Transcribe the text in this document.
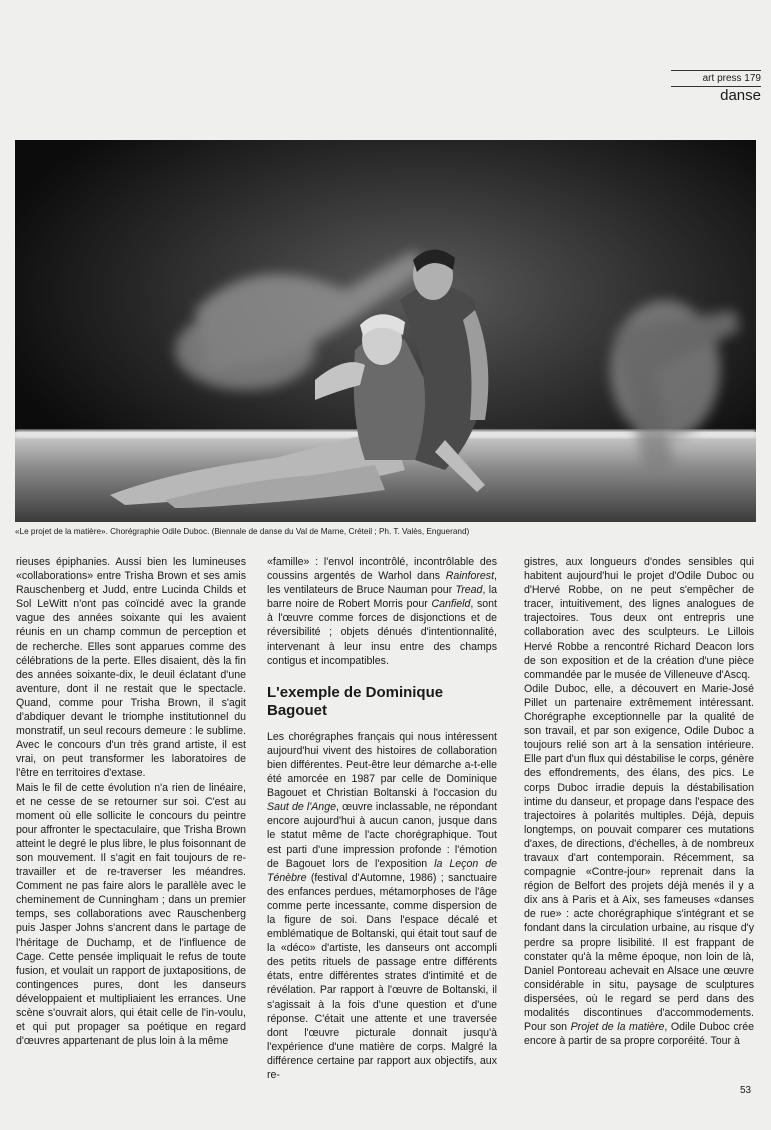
art press 179
danse
«Le projet de la matière». Chorégraphie Odile Duboc. (Biennale de danse du Val de Marne, Créteil ; Ph. T. Valès, Enguerand)

rieuses épiphanies. Aussi bien les lumineuses «collaborations» entre Trisha Brown et ses amis Rauschenberg et Judd, entre Lucinda Childs et Sol LeWitt n'ont pas coïncidé avec la grande vague des années soixante qui les avaient réunis en un champ commun de perception et de recherche. Elles sont apparues comme des célébrations de la perte. Elles disaient, dès la fin des années soixante-dix, le deuil éclatant d'une aventure, dont il ne restait que le spectacle. Quand, comme pour Trisha Brown, il s'agit d'abdiquer devant le triomphe institutionnel du monstratif, un seul recours demeure : le sublime. Avec le concours d'un très grand artiste, il est vrai, on peut transformer les laboratoires de l'être en territoires d'extase.

Mais le fil de cette évolution n'a rien de linéaire, et ne cesse de se retourner sur soi. C'est au moment où elle sollicite le concours du peintre pour affronter le spectaculaire, que Trisha Brown atteint le degré le plus libre, le plus foisonnant de son mouvement. Il s'agit en fait toujours de re-travailler et de re-traverser les méandres. Comment ne pas faire alors le parallèle avec le cheminement de Cunningham ; dans un premier temps, ses collaborations avec Rauschenberg puis Jasper Johns s'ancrent dans le partage de l'héritage de Duchamp, et de l'influence de Cage. Cette pensée impliquait le refus de toute fusion, et voulait un rapport de juxtapositions, de contingences pures, dont les danseurs développaient et multipliaient les errances. Une scène s'ouvrait alors, qui était celle de l'in-voulu, et qui put propager sa poétique en regard d'œuvres appartenant de plus loin à la même

«famille» : l'envol incontrôlé, incontrôlable des coussins argentés de Warhol dans Rainforest, les ventilateurs de Bruce Nauman pour Tread, la barre noire de Robert Morris pour Canfield, sont à l'œuvre comme forces de disjonctions et de réversibilité ; objets dénués d'intentionnalité, intervenant à leur insu entre des champs contigus et incompatibles.

L'exemple de Dominique Bagouet

Les chorégraphes français qui nous intéressent aujourd'hui vivent des histoires de collaboration bien différentes. Peut-être leur démarche a-t-elle été amorcée en 1987 par celle de Dominique Bagouet et Christian Boltanski à l'occasion du Saut de l'Ange, œuvre inclassable, ne répondant encore aujourd'hui à aucun canon, jusque dans le statut même de l'acte chorégraphique. Tout est parti d'une impression profonde : l'émotion de Bagouet lors de l'exposition la Leçon de Ténèbre (festival d'Automne, 1986) ; sanctuaire des enfances perdues, métamorphoses de l'âge comme perte incessante, comme dispersion de la figure de soi. Dans l'espace décalé et emblématique de Boltanski, qui était tout sauf de la «déco» d'artiste, les danseurs ont accompli des petits rituels de passage entre différents états, entre différentes strates d'intimité et de révélation. Par rapport à l'œuvre de Boltanski, il s'agissait à la fois d'une question et d'une réponse. C'était une attente et une traversée dont l'œuvre picturale donnait jusqu'à l'expérience d'une matière de corps. Malgré la différence certaine par rapport aux objectifs, aux re-

gistres, aux longueurs d'ondes sensibles qui habitent aujourd'hui le projet d'Odile Duboc ou d'Hervé Robbe, on ne peut s'empêcher de tracer, intuitivement, des lignes analogues de trajectoires. Tous deux ont entrepris une collaboration avec des sculpteurs. Le Lillois Hervé Robbe a rencontré Richard Deacon lors de son exposition et de la création d'une pièce commandée par le musée de Villeneuve d'Ascq.

Odile Duboc, elle, a découvert en Marie-José Pillet un partenaire extrêmement intéressant. Chorégraphe exceptionnelle par la qualité de son travail, et par son exigence, Odile Duboc a toujours relié son art à la sensation intérieure. Elle part d'un flux qui déstabilise le corps, génère des effondrements, des élans, des pics. Le corps Duboc irradie depuis la déstabilisation intime du danseur, et propage dans l'espace des trajectoires à polarités multiples. Déjà, depuis longtemps, on pouvait comparer ces mutations d'axes, de directions, d'échelles, à de nombreux travaux d'art contemporain. Récemment, sa compagnie «Contre-jour» reprenait dans la région de Belfort des projets déjà menés il y a dix ans à Paris et à Aix, ses fameuses «danses de rue» : acte chorégraphique s'intégrant et se fondant dans la circulation urbaine, au risque d'y perdre sa propre lisibilité. Il est frappant de constater qu'à la même époque, non loin de là, Daniel Pontoreau achevait en Alsace une œuvre considérable in situ, paysage de sculptures dispersées, où le regard se perd dans des modalités discontinues d'accommodements. Pour son Projet de la matière, Odile Duboc crée encore à partir de sa propre corporéité. Tour à

53
